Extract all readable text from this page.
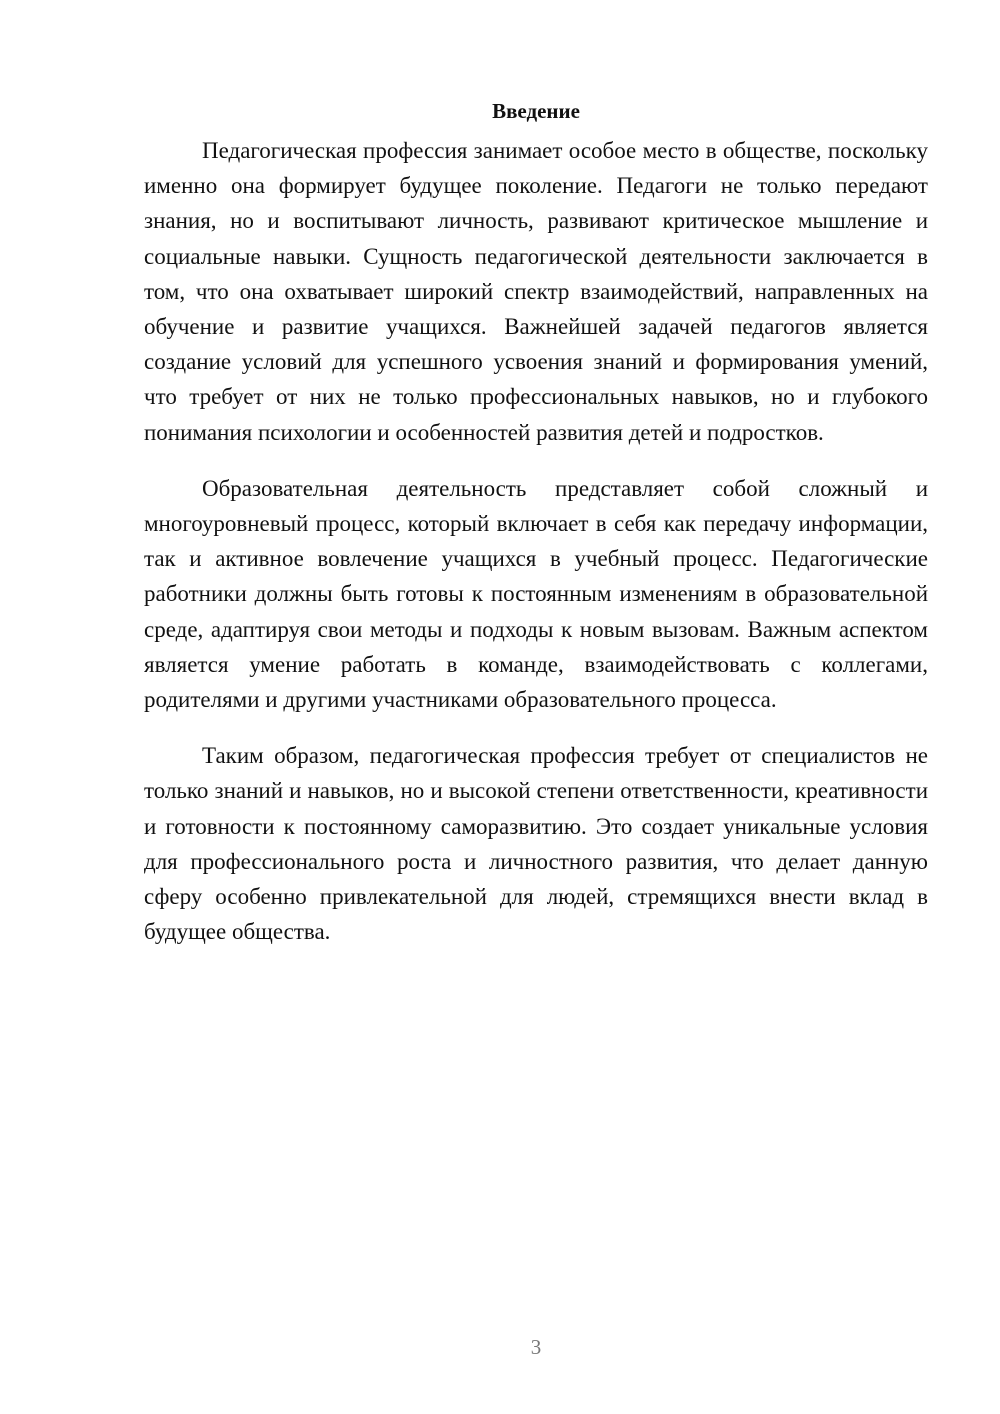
Введение

Педагогическая профессия занимает особое место в обществе, поскольку именно она формирует будущее поколение. Педагоги не только передают знания, но и воспитывают личность, развивают критическое мышление и социальные навыки. Сущность педагогической деятельности заключается в том, что она охватывает широкий спектр взаимодействий, направленных на обучение и развитие учащихся. Важнейшей задачей педагогов является создание условий для успешного усвоения знаний и формирования умений, что требует от них не только профессиональных навыков, но и глубокого понимания психологии и особенностей развития детей и подростков.

Образовательная деятельность представляет собой сложный и многоуровневый процесс, который включает в себя как передачу информации, так и активное вовлечение учащихся в учебный процесс. Педагогические работники должны быть готовы к постоянным изменениям в образовательной среде, адаптируя свои методы и подходы к новым вызовам. Важным аспектом является умение работать в команде, взаимодействовать с коллегами, родителями и другими участниками образовательного процесса.

Таким образом, педагогическая профессия требует от специалистов не только знаний и навыков, но и высокой степени ответственности, креативности и готовности к постоянному саморазвитию. Это создает уникальные условия для профессионального роста и личностного развития, что делает данную сферу особенно привлекательной для людей, стремящихся внести вклад в будущее общества.

3
